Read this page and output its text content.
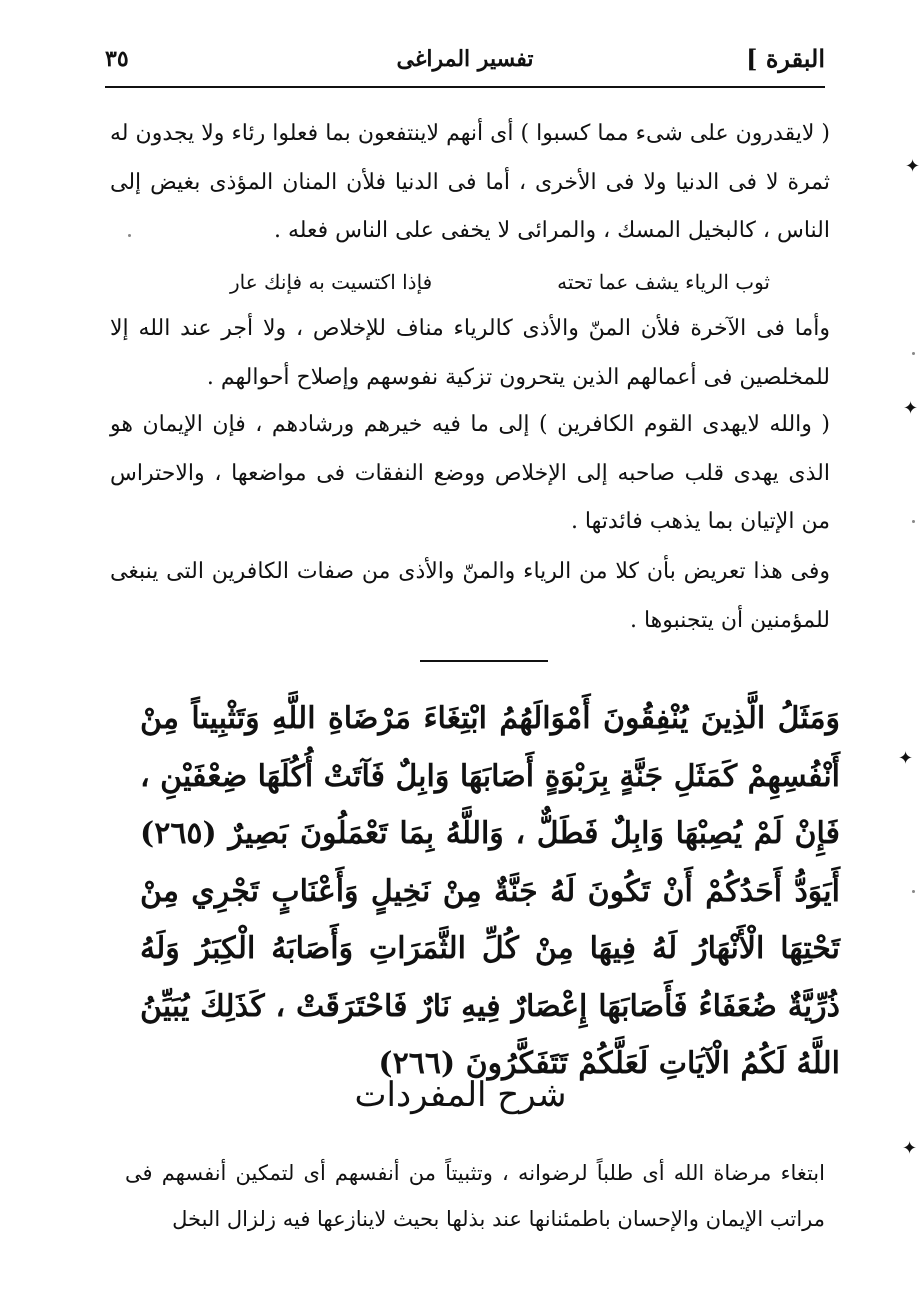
البقرة ]
تفسير المراغى
٣٥

( لايقدرون على شىء مما كسبوا ) أى أنهم لاينتفعون بما فعلوا رئاء ولا يجدون له ثمرة لا فى الدنيا ولا فى الأخرى ، أما فى الدنيا فلأن المنان المؤذى بغيض إلى الناس ، كالبخيل المسك ، والمرائى لا يخفى على الناس فعله .

ثوب الرياء يشف عما تحته
فإذا اكتسيت به فإنك عار

وأما فى الآخرة فلأن المنّ والأذى كالرياء مناف للإخلاص ، ولا أجر عند الله إلا للمخلصين فى أعمالهم الذين يتحرون تزكية نفوسهم وإصلاح أحوالهم .

( والله لايهدى القوم الكافرين ) إلى ما فيه خيرهم ورشادهم ، فإن الإيمان هو الذى يهدى قلب صاحبه إلى الإخلاص ووضع النفقات فى مواضعها ، والاحتراس من الإتيان بما يذهب فائدتها .

وفى هذا تعريض بأن كلا من الرياء والمنّ والأذى من صفات الكافرين التى ينبغى للمؤمنين أن يتجنبوها .

وَمَثَلُ الَّذِينَ يُنْفِقُونَ أَمْوَالَهُمُ ابْتِغَاءَ مَرْضَاةِ اللَّهِ وَتَثْبِيتاً مِنْ أَنْفُسِهِمْ كَمَثَلِ جَنَّةٍ بِرَبْوَةٍ أَصَابَهَا وَابِلٌ فَآتَتْ أُكُلَهَا ضِعْفَيْنِ ، فَإِنْ لَمْ يُصِبْهَا وَابِلٌ فَطَلٌّ ، وَاللَّهُ بِمَا تَعْمَلُونَ بَصِيرٌ (٢٦٥) أَيَوَدُّ أَحَدُكُمْ أَنْ تَكُونَ لَهُ جَنَّةٌ مِنْ نَخِيلٍ وَأَعْنَابٍ تَجْرِي مِنْ تَحْتِهَا الْأَنْهَارُ لَهُ فِيهَا مِنْ كُلِّ الثَّمَرَاتِ وَأَصَابَهُ الْكِبَرُ وَلَهُ ذُرِّيَّةٌ ضُعَفَاءُ فَأَصَابَهَا إِعْصَارٌ فِيهِ نَارٌ فَاحْتَرَقَتْ ، كَذَلِكَ يُبَيِّنُ اللَّهُ لَكُمُ الْآيَاتِ لَعَلَّكُمْ تَتَفَكَّرُونَ (٢٦٦)

شرح المفردات

ابتغاء مرضاة الله أى طلباً لرضوانه ، وتثبيتاً من أنفسهم أى لتمكين أنفسهم فى مراتب الإيمان والإحسان باطمئنانها عند بذلها بحيث لاينازعها فيه زلزال البخل

✦
✦
✦
✦
